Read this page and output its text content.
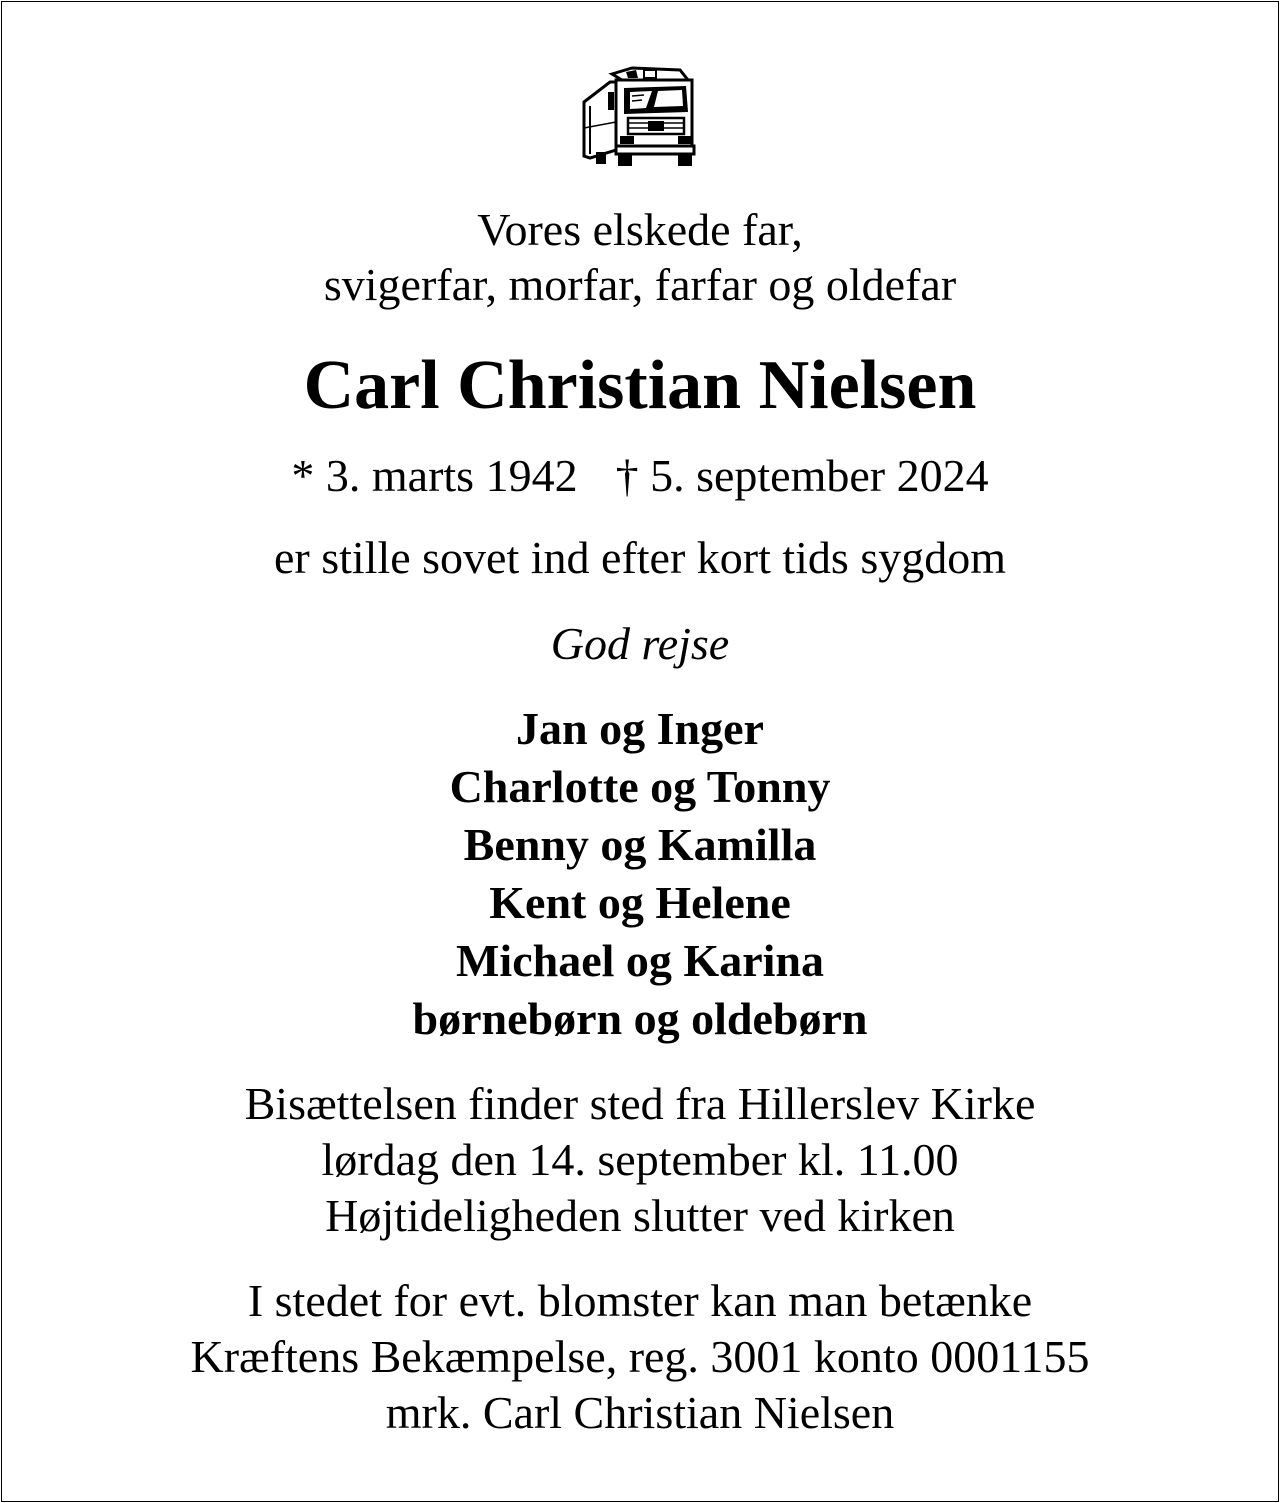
Vores elskede far,
svigerfar, morfar, farfar og oldefar
Carl Christian Nielsen
* 3. marts 1942 † 5. september 2024
er stille sovet ind efter kort tids sygdom
God rejse
Jan og Inger
Charlotte og Tonny
Benny og Kamilla
Kent og Helene
Michael og Karina
børnebørn og oldebørn
Bisættelsen finder sted fra Hillerslev Kirke
lørdag den 14. september kl. 11.00
Højtideligheden slutter ved kirken
I stedet for evt. blomster kan man betænke
Kræftens Bekæmpelse, reg. 3001 konto 0001155
mrk. Carl Christian Nielsen
